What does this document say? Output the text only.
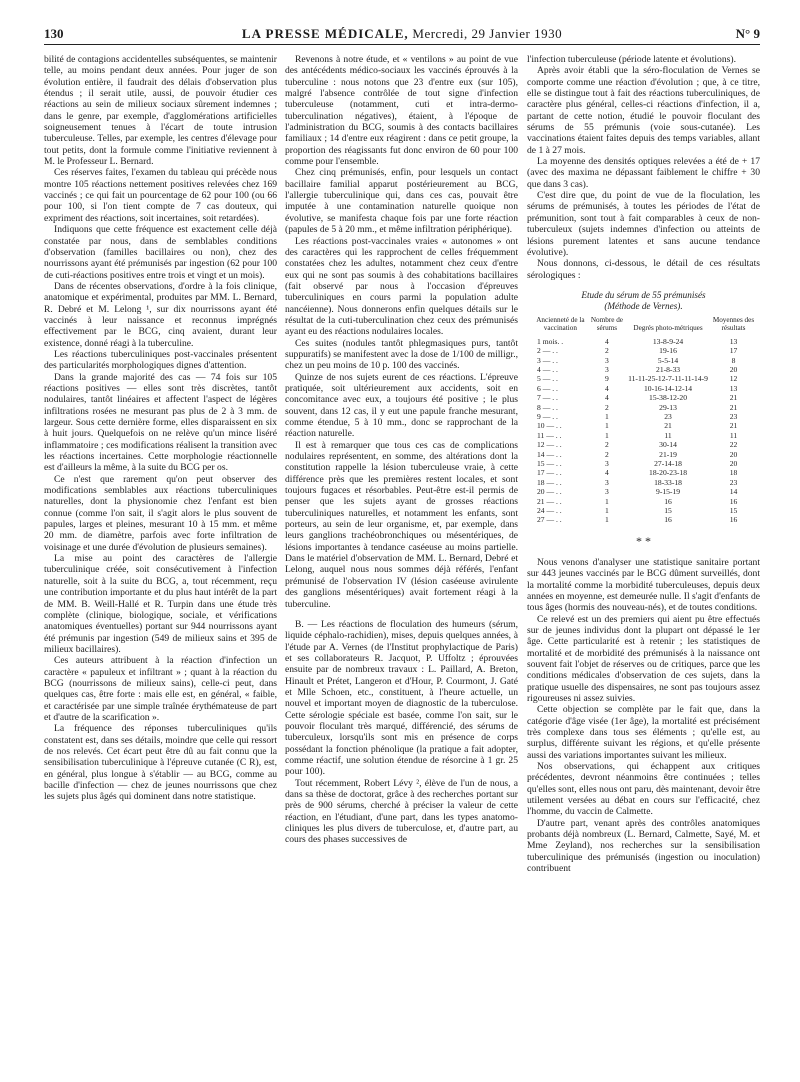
130	LA PRESSE MÉDICALE, Mercredi, 29 Janvier 1930	N° 9

bilité de contagions accidentelles subséquentes, se maintenir telle, au moins pendant deux années. Pour juger de son évolution entière, il faudrait des délais d'observation plus étendus ; il serait utile, aussi, de pouvoir étudier ces réactions au sein de milieux sociaux sûrement indemnes ; dans le genre, par exemple, d'agglomérations artificielles soigneusement tenues à l'écart de toute intrusion tuberculeuse. Telles, par exemple, les centres d'élevage pour tout petits, dont la formule comme l'initiative reviennent à M. le Professeur L. Bernard.

Ces réserves faites, l'examen du tableau qui précède nous montre 105 réactions nettement positives relevées chez 169 vaccinés ; ce qui fait un pourcentage de 62 pour 100 (ou 66 pour 100, si l'on tient compte de 7 cas douteux, qui expriment des réactions, soit incertaines, soit retardées).

Indiquons que cette fréquence est exactement celle déjà constatée par nous, dans de semblables conditions d'observation (familles bacillaires ou non), chez des nourrissons ayant été prémunisés par ingestion (62 pour 100 de cuti-réactions positives entre trois et vingt et un mois).

Dans de récentes observations, d'ordre à la fois clinique, anatomique et expérimental, produites par MM. L. Bernard, R. Debré et M. Lelong ¹, sur dix nourrissons ayant été vaccinés à leur naissance et reconnus imprégnés effectivement par le BCG, cinq avaient, durant leur existence, donné réagi à la tuberculine.

Les réactions tuberculiniques post-vaccinales présentent des particularités morphologiques dignes d'attention.

Dans la grande majorité des cas — 74 fois sur 105 réactions positives — elles sont très discrètes, tantôt nodulaires, tantôt linéaires et affectent l'aspect de légères infiltrations rosées ne mesurant pas plus de 2 à 3 mm. de largeur. Sous cette dernière forme, elles disparaissent en six à huit jours. Quelquefois on ne relève qu'un mince liséré inflammatoire ; ces modifications réalisent la transition avec les réactions incertaines. Cette morphologie réactionnelle est d'ailleurs la même, à la suite du BCG per os.

Ce n'est que rarement qu'on peut observer des modifications semblables aux réactions tuberculiniques naturelles, dont la physionomie chez l'enfant est bien connue (comme l'on sait, il s'agit alors le plus souvent de papules, larges et pleines, mesurant 10 à 15 mm. et même 20 mm. de diamètre, parfois avec forte infiltration de voisinage et une durée d'évolution de plusieurs semaines).

La mise au point des caractères de l'allergie tuberculinique créée, soit consécutivement à l'infection naturelle, soit à la suite du BCG, a, tout récemment, reçu une contribution importante et du plus haut intérêt de la part de MM. B. Weill-Hallé et R. Turpin dans une étude très complète (clinique, biologique, sociale, et vérifications anatomiques éventuelles) portant sur 944 nourrissons ayant été prémunis par ingestion (549 de milieux sains et 395 de milieux bacillaires).

Ces auteurs attribuent à la réaction d'infection un caractère « papuleux et infiltrant » ; quant à la réaction du BCG (nourrissons de milieux sains), celle-ci peut, dans quelques cas, être forte : mais elle est, en général, « faible, et caractérisée par une simple traînée érythémateuse de part et d'autre de la scarification ».

La fréquence des réponses tuberculiniques qu'ils constatent est, dans ses détails, moindre que celle qui ressort de nos relevés. Cet écart peut être dû au fait connu que la sensibilisation tuberculinique à l'épreuve cutanée (C R), est, en général, plus longue à s'établir — au BCG, comme au bacille d'infection — chez de jeunes nourrissons que chez les sujets plus âgés qui dominent dans notre statistique.

Revenons à notre étude, et « ventilons » au point de vue des antécédents médico-sociaux les vaccinés éprouvés à la tuberculine : nous notons que 23 d'entre eux (sur 105), malgré l'absence contrôlée de tout signe d'infection tuberculeuse (notamment, cuti et intra-dermo-tuberculination négatives), étaient, à l'époque de l'administration du BCG, soumis à des contacts bacillaires familiaux ; 14 d'entre eux réagirent : dans ce petit groupe, la proportion des réagissants fut donc environ de 60 pour 100 comme pour l'ensemble.

Chez cinq prémunisés, enfin, pour lesquels un contact bacillaire familial apparut postérieurement au BCG, l'allergie tuberculinique qui, dans ces cas, pouvait être imputée à une contamination naturelle quoique non évolutive, se manifesta chaque fois par une forte réaction (papules de 5 à 20 mm., et même infiltration périphérique).

Les réactions post-vaccinales vraies « autonomes » ont des caractères qui les rapprochent de celles fréquemment constatées chez les adultes, notamment chez ceux d'entre eux qui ne sont pas soumis à des cohabitations bacillaires (fait observé par nous à l'occasion d'épreuves tuberculiniques en cours parmi la population adulte nancéienne). Nous donnerons enfin quelques détails sur le résultat de la cuti-tuberculination chez ceux des prémunisés ayant eu des réactions nodulaires locales.

Ces suites (nodules tantôt phlegmasiques purs, tantôt suppuratifs) se manifestent avec la dose de 1/100 de milligr., chez un peu moins de 10 p. 100 des vaccinés.

Quinze de nos sujets eurent de ces réactions. L'épreuve pratiquée, soit ultérieurement aux accidents, soit en concomitance avec eux, a toujours été positive ; le plus souvent, dans 12 cas, il y eut une papule franche mesurant, comme étendue, 5 à 10 mm., donc se rapprochant de la réaction naturelle.

Il est à remarquer que tous ces cas de complications nodulaires représentent, en somme, des altérations dont la constitution rappelle la lésion tuberculeuse vraie, à cette différence près que les premières restent locales, et sont toujours fugaces et résorbables. Peut-être est-il permis de penser que les sujets ayant de grosses réactions tuberculiniques naturelles, et notamment les enfants, sont porteurs, au sein de leur organisme, et, par exemple, dans leurs ganglions trachéobronchiques ou mésentériques, de lésions importantes à tendance caséeuse au moins partielle. Dans le matériel d'observation de MM. L. Bernard, Debré et Lelong, auquel nous nous sommes déjà référés, l'enfant prémunisé de l'observation IV (lésion caséeuse avirulente des ganglions mésentériques) avait fortement réagi à la tuberculine.

B. — Les réactions de floculation des humeurs (sérum, liquide céphalo-rachidien), mises, depuis quelques années, à l'étude par A. Vernes (de l'Institut prophylactique de Paris) et ses collaborateurs R. Jacquot, P. Uffoltz ; éprouvées ensuite par de nombreux travaux : L. Paillard, A. Breton, Hinault et Prétet, Langeron et d'Hour, P. Courmont, J. Gaté et Mlle Schoen, etc., constituent, à l'heure actuelle, un nouvel et important moyen de diagnostic de la tuberculose. Cette sérologie spéciale est basée, comme l'on sait, sur le pouvoir floculant très marqué, différencié, des sérums de tuberculeux, lorsqu'ils sont mis en présence de corps possédant la fonction phénolique (la pratique a fait adopter, comme réactif, une solution étendue de résorcine à 1 gr. 25 pour 100).

Tout récemment, Robert Lévy ², élève de l'un de nous, a dans sa thèse de doctorat, grâce à des recherches portant sur près de 900 sérums, cherché à préciser la valeur de cette réaction, en l'étudiant, d'une part, dans les types anatomo-cliniques les plus divers de tuberculose, et, d'autre part, au cours des phases successives de

l'infection tuberculeuse (période latente et évolutions).

Après avoir établi que la séro-floculation de Vernes se comporte comme une réaction d'évolution ; que, à ce titre, elle se distingue tout à fait des réactions tuberculiniques, de caractère plus général, celles-ci réactions d'infection, il a, partant de cette notion, étudié le pouvoir floculant des sérums de 55 prémunis (voie sous-cutanée). Les vaccinations étaient faites depuis des temps variables, allant de 1 à 27 mois.

La moyenne des densités optiques relevées a été de + 17 (avec des maxima ne dépassant faiblement le chiffre + 30 que dans 3 cas).

C'est dire que, du point de vue de la floculation, les sérums de prémunisés, à toutes les périodes de l'état de prémunition, sont tout à fait comparables à ceux de non-tuberculeux (sujets indemnes d'infection ou atteints de lésions purement latentes et sans aucune tendance évolutive).

Nous donnons, ci-dessous, le détail de ces résultats sérologiques :

Etude du sérum de 55 prémunisés
(Méthode de Vernes).
Ancienneté de la vaccination	Nombre de sérums	Degrés photo-métriques	Moyennes des résultats
1 mois. .	4	13-8-9-24	13
2 — . .	2	19-16	17
3 — . .	3	5-5-14	8
4 — . .	3	21-8-33	20
5 — . .	9	11-11-25-12-7-11-11-14-9	12
6 — . .	4	10-16-14-12-14	13
7 — . .	4	15-38-12-20	21
8 — . .	2	29-13	21
9 — . .	1	23	23
10 — . .	1	21	21
11 — . .	1	11	11
12 — . .	2	30-14	22
14 — . .	2	21-19	20
15 — . .	3	27-14-18	20
17 — . .	4	18-20-23-18	18
18 — . .	3	18-33-18	23
20 — . .	3	9-15-19	14
21 — . .	1	16	16
24 — . .	1	15	15
27 — . .	1	16	16
* *

Nous venons d'analyser une statistique sanitaire portant sur 443 jeunes vaccinés par le BCG dûment surveillés, dont la mortalité comme la morbidité tuberculeuses, depuis deux années en moyenne, est demeurée nulle. Il s'agit d'enfants de tous âges (hormis des nouveau-nés), et de toutes conditions.

Ce relevé est un des premiers qui aient pu être effectués sur de jeunes individus dont la plupart ont dépassé le 1er âge. Cette particularité est à retenir ; les statistiques de mortalité et de morbidité des prémunisés à la naissance ont souvent fait l'objet de réserves ou de critiques, parce que les conditions médicales d'observation de ces sujets, dans la pratique usuelle des dispensaires, ne sont pas toujours assez rigoureuses ni assez suivies.

Cette objection se complète par le fait que, dans la catégorie d'âge visée (1er âge), la mortalité est précisément très complexe dans tous ses éléments ; qu'elle est, au surplus, différente suivant les régions, et qu'elle présente aussi des variations importantes suivant les milieux.

Nos observations, qui échappent aux critiques précédentes, devront néanmoins être continuées ; telles qu'elles sont, elles nous ont paru, dès maintenant, devoir être utilement versées au débat en cours sur l'efficacité, chez l'homme, du vaccin de Calmette.

D'autre part, venant après des contrôles anatomiques probants déjà nombreux (L. Bernard, Calmette, Sayé, M. et Mme Zeyland), nos recherches sur la sensibilisation tuberculinique des prémunisés (ingestion ou inoculation) contribuent
